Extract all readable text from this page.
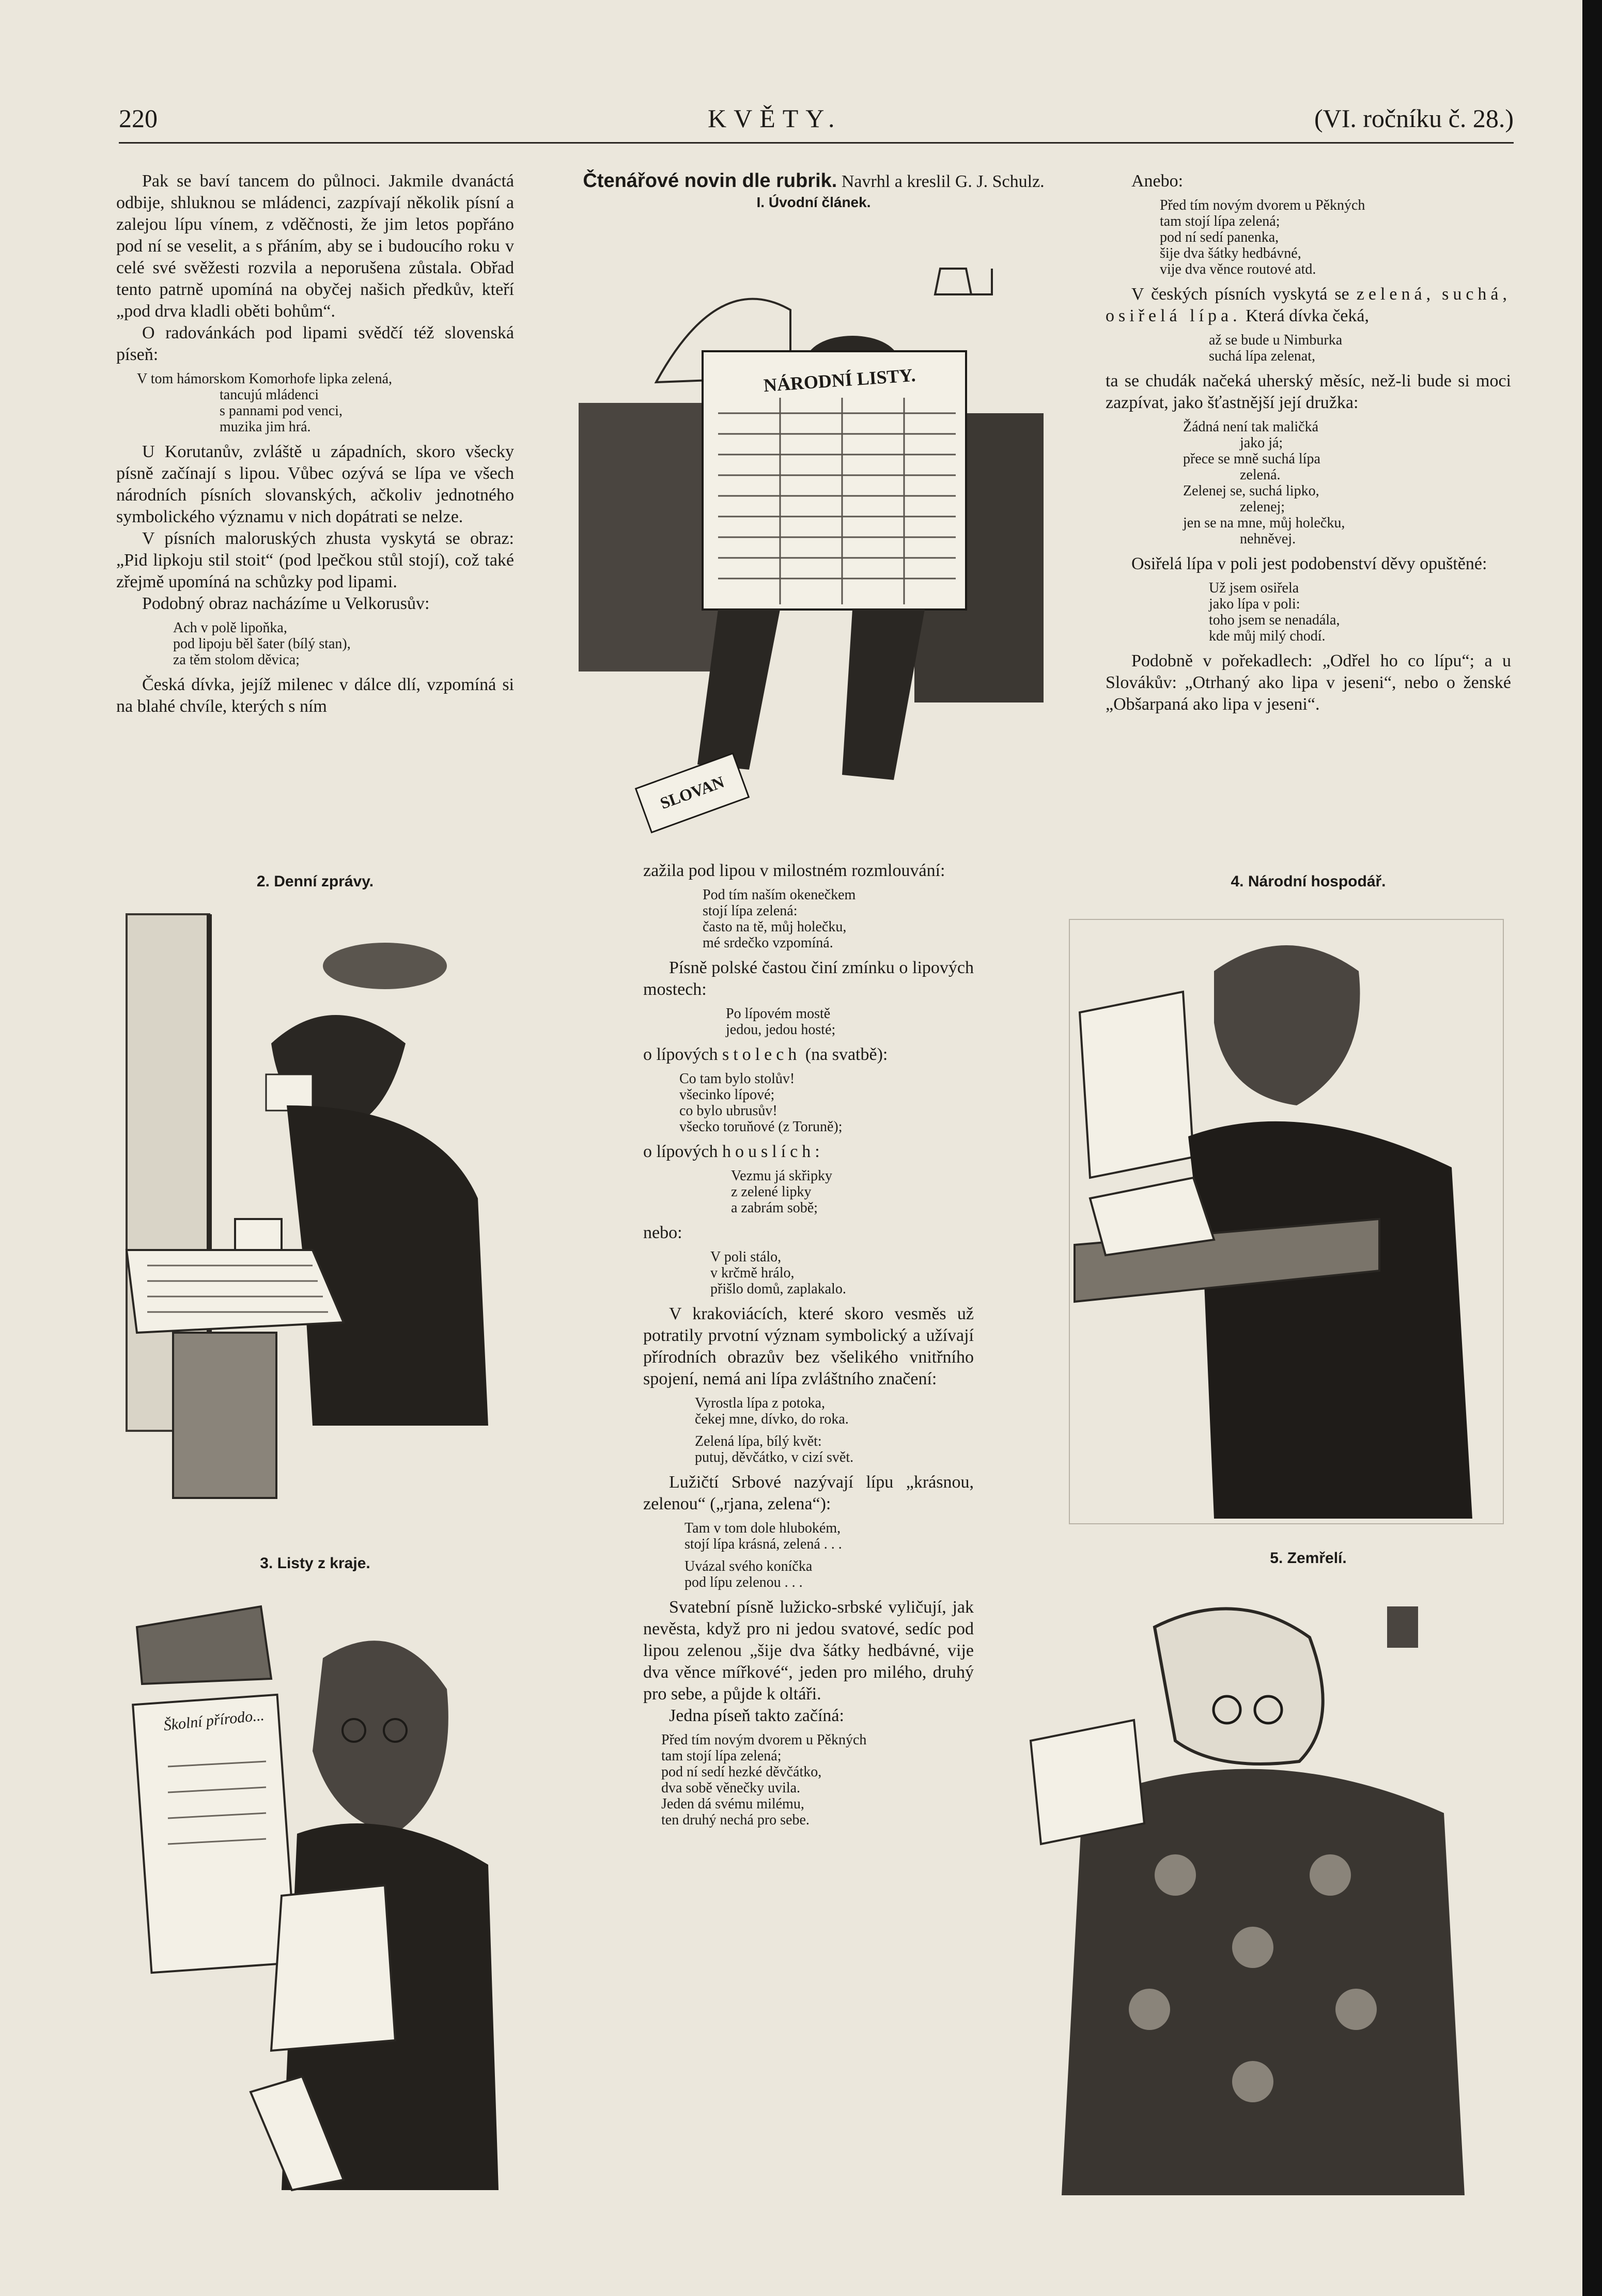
220	KVĚTY.	(VI. ročníku č. 28.)
Čtenářové novin dle rubrik. Navrhl a kreslil G. J. Schulz.
I. Úvodní článek.

Pak se baví tancem do půlnoci. Jakmile dvanáctá odbije, shluknou se mládenci, zazpívají několik písní a zalejou lípu vínem, z vděčnosti, že jim letos popřáno pod ní se veselit, a s přáním, aby se i budoucího roku v celé své svěžesti rozvila a neporušena zůstala. Obřad tento patrně upomíná na obyčej našich předkův, kteří „pod drva kladli oběti bohům“.

O radovánkách pod lipami svědčí též slovenská píseň:

V tom hámorskom Komorhofe lipka zelená,
tancujú mládenci
s pannami pod venci,
muzika jim hrá.

U Korutanův, zvláště u západních, skoro všecky písně začínají s lipou. Vůbec ozývá se lípa ve všech národních písních slovanských, ačkoliv jednotného symbolického významu v nich dopátrati se nelze.

V písních maloruských zhusta vyskytá se obraz: „Pid lipkoju stil stoit“ (pod lpečkou stůl stojí), což také zřejmě upomíná na schůzky pod lipami.

Podobný obraz nacházíme u Velkorusův:

Ach v polě lipoňka,
pod lipoju běl šater (bílý stan),
za těm stolom děvica;

Česká dívka, jejíž milenec v dálce dlí, vzpomíná si na blahé chvíle, kterých s ním

zažila pod lipou v milostném rozmlouvání:

Pod tím naším okenečkem
stojí lípa zelená:
často na tě, můj holečku,
mé srdečko vzpomíná.

Písně polské častou činí zmínku o lipových mostech:

Po lípovém mostě
jedou, jedou hosté;

o lípových stolech (na svatbě):

Co tam bylo stolův!
všecinko lípové;
co bylo ubrusův!
všecko toruňové (z Toruně);

o lípových houslích:

Vezmu já skřipky
z zelené lipky
a zabrám sobě;

nebo:

V poli stálo,
v krčmě hrálo,
přišlo domů, zaplakalo.

V krakoviácích, které skoro vesměs už potratily prvotní význam symbolický a užívají přírodních obrazův bez všelikého vnitřního spojení, nemá ani lípa zvláštního značení:

Vyrostla lípa z potoka,
čekej mne, dívko, do roka.
Zelená lípa, bílý květ:
putuj, děvčátko, v cizí svět.

Lužičtí Srbové nazývají lípu „krásnou, zelenou“ („rjana, zelena“):

Tam v tom dole hlubokém,
stojí lípa krásná, zelená . . .
Uvázal svého koníčka
pod lípu zelenou . . .

Svatební písně lužicko-srbské vyličují, jak nevěsta, když pro ni jedou svatové, sedíc pod lipou zelenou „šije dva šátky hedbávné, vije dva věnce mířkové“, jeden pro milého, druhý pro sebe, a půjde k oltáři.

Jedna píseň takto začíná:

Před tím novým dvorem u Pěkných
tam stojí lípa zelená;
pod ní sedí hezké děvčátko,
dva sobě věnečky uvila.
Jeden dá svému milému,
ten druhý nechá pro sebe.

Anebo:

Před tím novým dvorem u Pěkných
tam stojí lípa zelená;
pod ní sedí panenka,
šije dva šátky hedbávné,
vije dva věnce routové atd.

V českých písních vyskytá se zelená, suchá, osiřelá lípa. Která dívka čeká,

až se bude u Nimburka
suchá lípa zelenat,

ta se chudák načeká uherský měsíc, než-li bude si moci zazpívat, jako šťastnější její družka:

Žádná není tak maličká
jako já;
přece se mně suchá lípa
zelená.
Zelenej se, suchá lipko,
zelenej;
jen se na mne, můj holečku,
nehněvej.

Osiřelá lípa v poli jest podobenství děvy opuštěné:

Už jsem osiřela
jako lípa v poli:
toho jsem se nenadála,
kde můj milý chodí.

Podobně v pořekadlech: „Odřel ho co lípu“; a u Slovákův: „Otrhaný ako lipa v jeseni“, nebo o ženské „Obšarpaná ako lipa v jeseni“.

NÁRODNÍ LISTY.
SLOVAN
2. Denní zprávy.
3. Listy z kraje.
Školní přírodo...
4. Národní hospodář.
5. Zemřelí.
